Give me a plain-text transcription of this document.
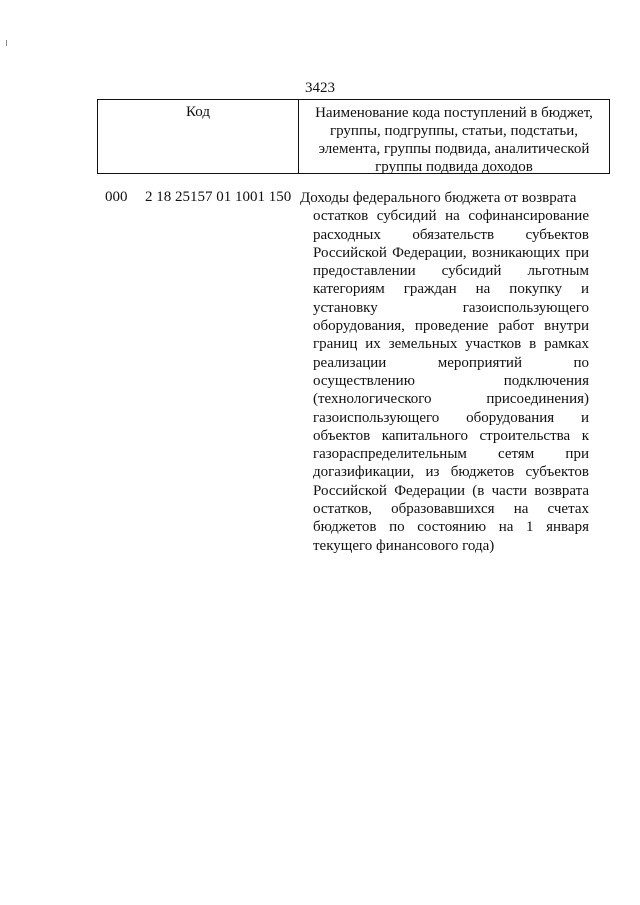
3423
Код	Наименование кода поступлений в бюджет, группы, подгруппы, статьи, подстатьи, элемента, группы подвида, аналитической группы подвида доходов
000 2 18 25157 01 1001 150 Доходы федерального бюджета от возврата
остатков субсидий на софинансирование расходных обязательств субъектов Российской Федерации, возникающих при предоставлении субсидий льготным категориям граждан на покупку и установку газоиспользующего оборудования, проведение работ внутри границ их земельных участков в рамках реализации мероприятий по осуществлению подключения (технологического присоединения) газоиспользующего оборудования и объектов капитального строительства к газораспределительным сетям при догазификации, из бюджетов субъектов Российской Федерации (в части возврата остатков, образовавшихся на счетах бюджетов по состоянию на 1 января текущего финансового года)
